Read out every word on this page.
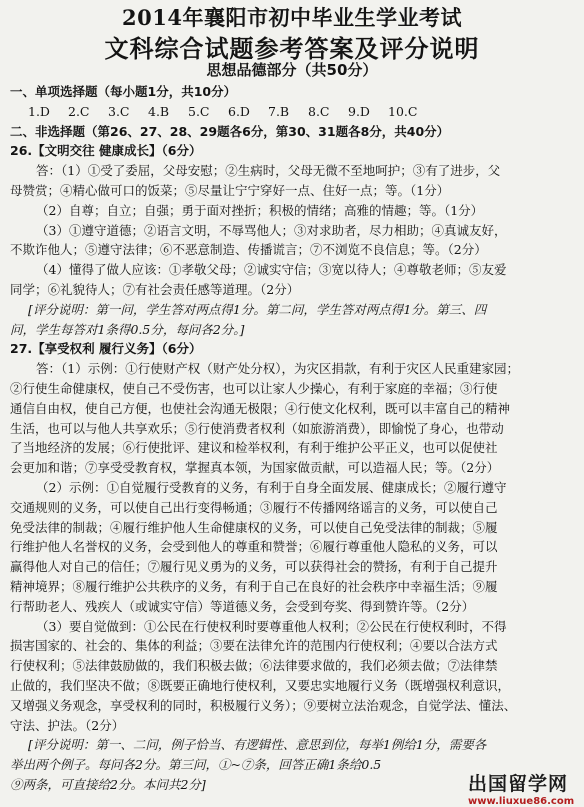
2014年襄阳市初中毕业生学业考试
文科综合试题参考答案及评分说明
思想品德部分（共50分）
一、单项选择题（每小题1分，共10分）
1.D	2.C	3.C	4.B	5.C	6.D	7.B	8.C	9.D	10.C
二、非选择题（第26、27、28、29题各6分，第30、31题各8分，共40分）
26.【文明交往 健康成长】（6分）
答：（1）①受了委屈，父母安慰；②生病时，父母无微不至地呵护；③有了进步，父
母赞赏；④精心做可口的饭菜；⑤尽量让宁宁穿好一点、住好一点；等。（1分）
（2）自尊；自立；自强；勇于面对挫折；积极的情绪；高雅的情趣；等。（1分）
（3）①遵守道德；②语言文明，不辱骂他人；③对求助者，尽力相助；④真诚友好，
不欺诈他人；⑤遵守法律；⑥不恶意制造、传播谎言；⑦不浏览不良信息；等。（2分）
（4）懂得了做人应该：①孝敬父母；②诚实守信；③宽以待人；④尊敬老师；⑤友爱
同学；⑥礼貌待人；⑦有社会责任感等道理。（2分）
[评分说明：第一问，学生答对两点得1分。第二问，学生答对两点得1分。第三、四
问，学生每答对1条得0.5分，每问各2分。]
27.【享受权利 履行义务】（6分）
答：（1）示例：①行使财产权（财产处分权），为灾区捐款，有利于灾区人民重建家园；
②行使生命健康权，使自己不受伤害，也可以让家人少操心，有利于家庭的幸福；③行使
通信自由权，使自己方便，也使社会沟通无极限；④行使文化权利，既可以丰富自己的精神
生活，也可以与他人共享欢乐；⑤行使消费者权利（如旅游消费），即愉悦了身心，也带动
了当地经济的发展；⑥行使批评、建议和检举权利，有利于维护公平正义，也可以促使社
会更加和谐；⑦享受受教育权，掌握真本领，为国家做贡献，可以造福人民；等。（2分）
（2）示例：①自觉履行受教育的义务，有利于自身全面发展、健康成长；②履行遵守
交通规则的义务，可以使自己出行变得畅通；③履行不传播网络谣言的义务，可以使自己
免受法律的制裁；④履行维护他人生命健康权的义务，可以使自己免受法律的制裁；⑤履
行维护他人名誉权的义务，会受到他人的尊重和赞誉；⑥履行尊重他人隐私的义务，可以
赢得他人对自己的信任；⑦履行见义勇为的义务，可以获得社会的赞扬，有利于自己提升
精神境界；⑧履行维护公共秩序的义务，有利于自己在良好的社会秩序中幸福生活；⑨履
行帮助老人、残疾人（或诚实守信）等道德义务，会受到夸奖、得到赞许等。（2分）
（3）要自觉做到：①公民在行使权利时要尊重他人权利；②公民在行使权利时，不得
损害国家的、社会的、集体的利益；③要在法律允许的范围内行使权利；④要以合法方式
行使权利；⑤法律鼓励做的，我们积极去做；⑥法律要求做的，我们必须去做；⑦法律禁
止做的，我们坚决不做；⑧既要正确地行使权利，又要忠实地履行义务（既增强权利意识，
又增强义务观念，享受权利的同时，积极履行义务）；⑨要树立法治观念，自觉学法、懂法、
守法、护法。（2分）
[评分说明：第一、二问，例子恰当、有逻辑性、意思到位，每举1例给1分，需要各
举出两个例子。每问各2分。第三问，①~⑦条，回答正确1条给0.5
⑨两条，可直接给2分。本问共2分]	出国留学网
www.liuxue86.com
